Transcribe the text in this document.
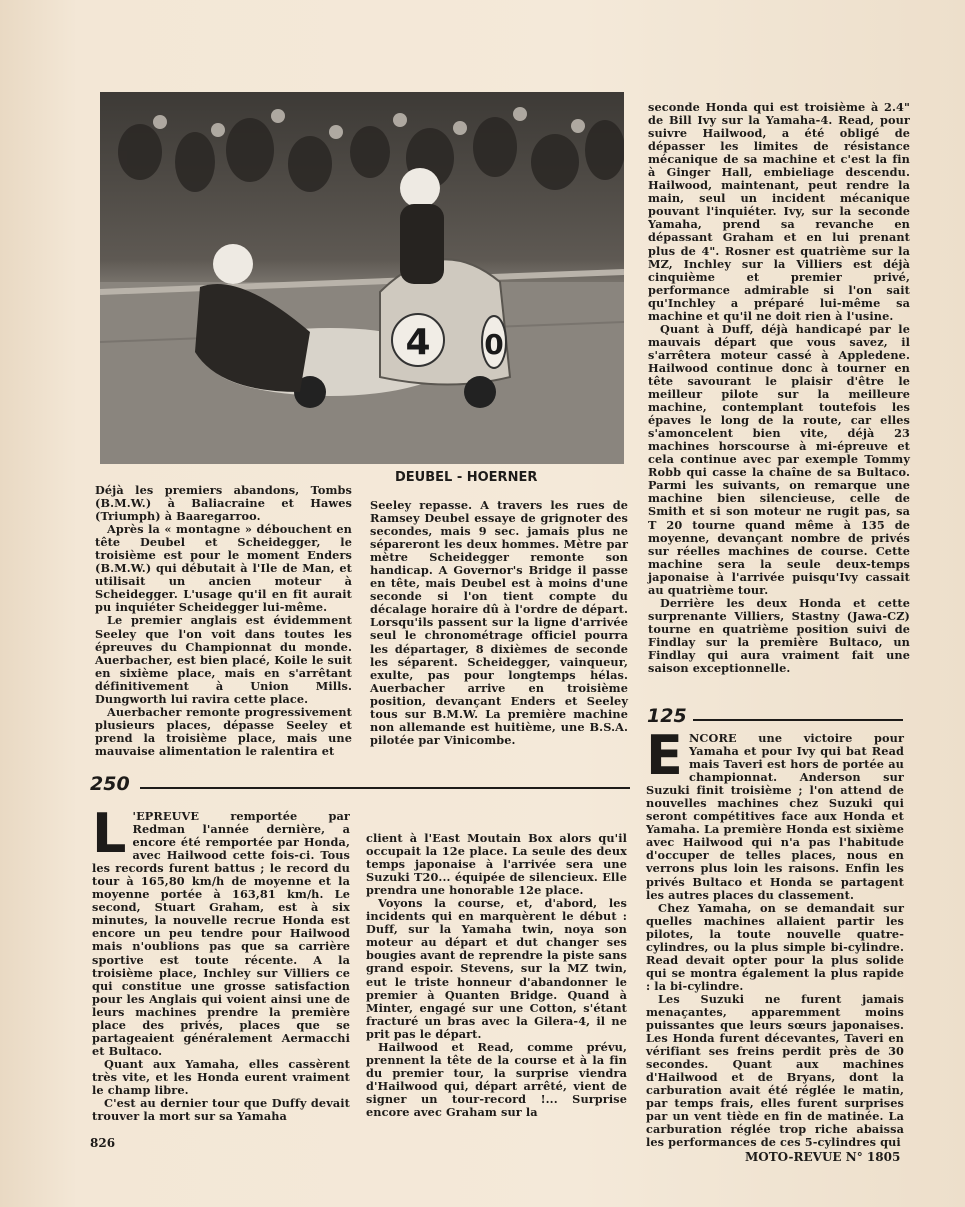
4 0
DEUBEL - HOERNER

Déjà les premiers abandons, Tombs (B.M.W.) à Baliacraine et Hawes (Triumph) à Baaregarroo.

Après la « montagne » débouchent en tête Deubel et Scheidegger, le troisième est pour le moment Enders (B.M.W.) qui débutait à l'Ile de Man, et utilisait un ancien moteur à Scheidegger. L'usage qu'il en fit aurait pu inquiéter Scheidegger lui-même.

Le premier anglais est évidemment Seeley que l'on voit dans toutes les épreuves du Championnat du monde. Auerbacher, est bien placé, Koile le suit en sixième place, mais en s'arrêtant définitivement à Union Mills. Dungworth lui ravira cette place.

Auerbacher remonte progressivement plusieurs places, dépasse Seeley et prend la troisième place, mais une mauvaise alimentation le ralentira et

Seeley repasse. A travers les rues de Ramsey Deubel essaye de grignoter des secondes, mais 9 sec. jamais plus ne sépareront les deux hommes. Mètre par mètre Scheidegger remonte son handicap. A Governor's Bridge il passe en tête, mais Deubel est à moins d'une seconde si l'on tient compte du décalage horaire dû à l'ordre de départ. Lorsqu'ils passent sur la ligne d'arrivée seul le chronométrage officiel pourra les départager, 8 dixièmes de seconde les séparent. Scheidegger, vainqueur, exulte, pas pour longtemps hélas. Auerbacher arrive en troisième position, devançant Enders et Seeley tous sur B.M.W. La première machine non allemande est huitième, une B.S.A. pilotée par Vinicombe.

seconde Honda qui est troisième à 2.4" de Bill Ivy sur la Yamaha-4. Read, pour suivre Hailwood, a été obligé de dépasser les limites de résistance mécanique de sa machine et c'est la fin à Ginger Hall, embieliage descendu. Hailwood, maintenant, peut rendre la main, seul un incident mécanique pouvant l'inquiéter. Ivy, sur la seconde Yamaha, prend sa revanche en dépassant Graham et en lui prenant plus de 4". Rosner est quatrième sur la MZ, Inchley sur la Villiers est déjà cinquième et premier privé, performance admirable si l'on sait qu'Inchley a préparé lui-même sa machine et qu'il ne doit rien à l'usine.

Quant à Duff, déjà handicapé par le mauvais départ que vous savez, il s'arrêtera moteur cassé à Appledene. Hailwood continue donc à tourner en tête savourant le plaisir d'être le meilleur pilote sur la meilleure machine, contemplant toutefois les épaves le long de la route, car elles s'amoncelent bien vite, déjà 23 machines horscourse à mi-épreuve et cela continue avec par exemple Tommy Robb qui casse la chaîne de sa Bultaco. Parmi les suivants, on remarque une machine bien silencieuse, celle de Smith et si son moteur ne rugit pas, sa T 20 tourne quand même à 135 de moyenne, devançant nombre de privés sur réelles machines de course. Cette machine sera la seule deux-temps japonaise à l'arrivée puisqu'Ivy cassait au quatrième tour.

Derrière les deux Honda et cette surprenante Villiers, Stastny (Jawa-CZ) tourne en quatrième position suivi de Findlay sur la première Bultaco, un Findlay qui aura vraiment fait une saison exceptionnelle.

125
250

L 'EPREUVE remportée par Redman l'année dernière, a encore été remportée par Honda, avec Hailwood cette fois-ci. Tous les records furent battus ; le record du tour à 165,80 km/h de moyenne et la moyenne portée à 163,81 km/h. Le second, Stuart Graham, est à six minutes, la nouvelle recrue Honda est encore un peu tendre pour Hailwood mais n'oublions pas que sa carrière sportive est toute récente. A la troisième place, Inchley sur Villiers ce qui constitue une grosse satisfaction pour les Anglais qui voient ainsi une de leurs machines prendre la première place des privés, places que se partageaient généralement Aermacchi et Bultaco.

Quant aux Yamaha, elles cassèrent très vite, et les Honda eurent vraiment le champ libre.

C'est au dernier tour que Duffy devait trouver la mort sur sa Yamaha

client à l'East Moutain Box alors qu'il occupait la 12e place. La seule des deux temps japonaise à l'arrivée sera une Suzuki T20... équipée de silencieux. Elle prendra une honorable 12e place.

Voyons la course, et, d'abord, les incidents qui en marquèrent le début : Duff, sur la Yamaha twin, noya son moteur au départ et dut changer ses bougies avant de reprendre la piste sans grand espoir. Stevens, sur la MZ twin, eut le triste honneur d'abandonner le premier à Quanten Bridge. Quand à Minter, engagé sur une Cotton, s'étant fracturé un bras avec la Gilera-4, il ne prit pas le départ.

Hailwood et Read, comme prévu, prennent la tête de la course et à la fin du premier tour, la surprise viendra d'Hailwood qui, départ arrêté, vient de signer un tour-record !... Surprise encore avec Graham sur la

ENCORE une victoire pour Yamaha et pour Ivy qui bat Read mais Taveri est hors de portée au championnat. Anderson sur Suzuki finit troisième ; l'on attend de nouvelles machines chez Suzuki qui seront compétitives face aux Honda et Yamaha. La première Honda est sixième avec Hailwood qui n'a pas l'habitude d'occuper de telles places, nous en verrons plus loin les raisons. Enfin les privés Bultaco et Honda se partagent les autres places du classement.

Chez Yamaha, on se demandait sur quelles machines allaient partir les pilotes, la toute nouvelle quatre-cylindres, ou la plus simple bi-cylindre. Read devait opter pour la plus solide qui se montra également la plus rapide : la bi-cylindre.

Les Suzuki ne furent jamais menaçantes, apparemment moins puissantes que leurs sœurs japonaises. Les Honda furent décevantes, Taveri en vérifiant ses freins perdit près de 30 secondes. Quant aux machines d'Hailwood et de Bryans, dont la carburation avait été réglée le matin, par temps frais, elles furent surprises par un vent tiède en fin de matinée. La carburation réglée trop riche abaissa les performances de ces 5-cylindres qui

826
MOTO-REVUE N° 1805
